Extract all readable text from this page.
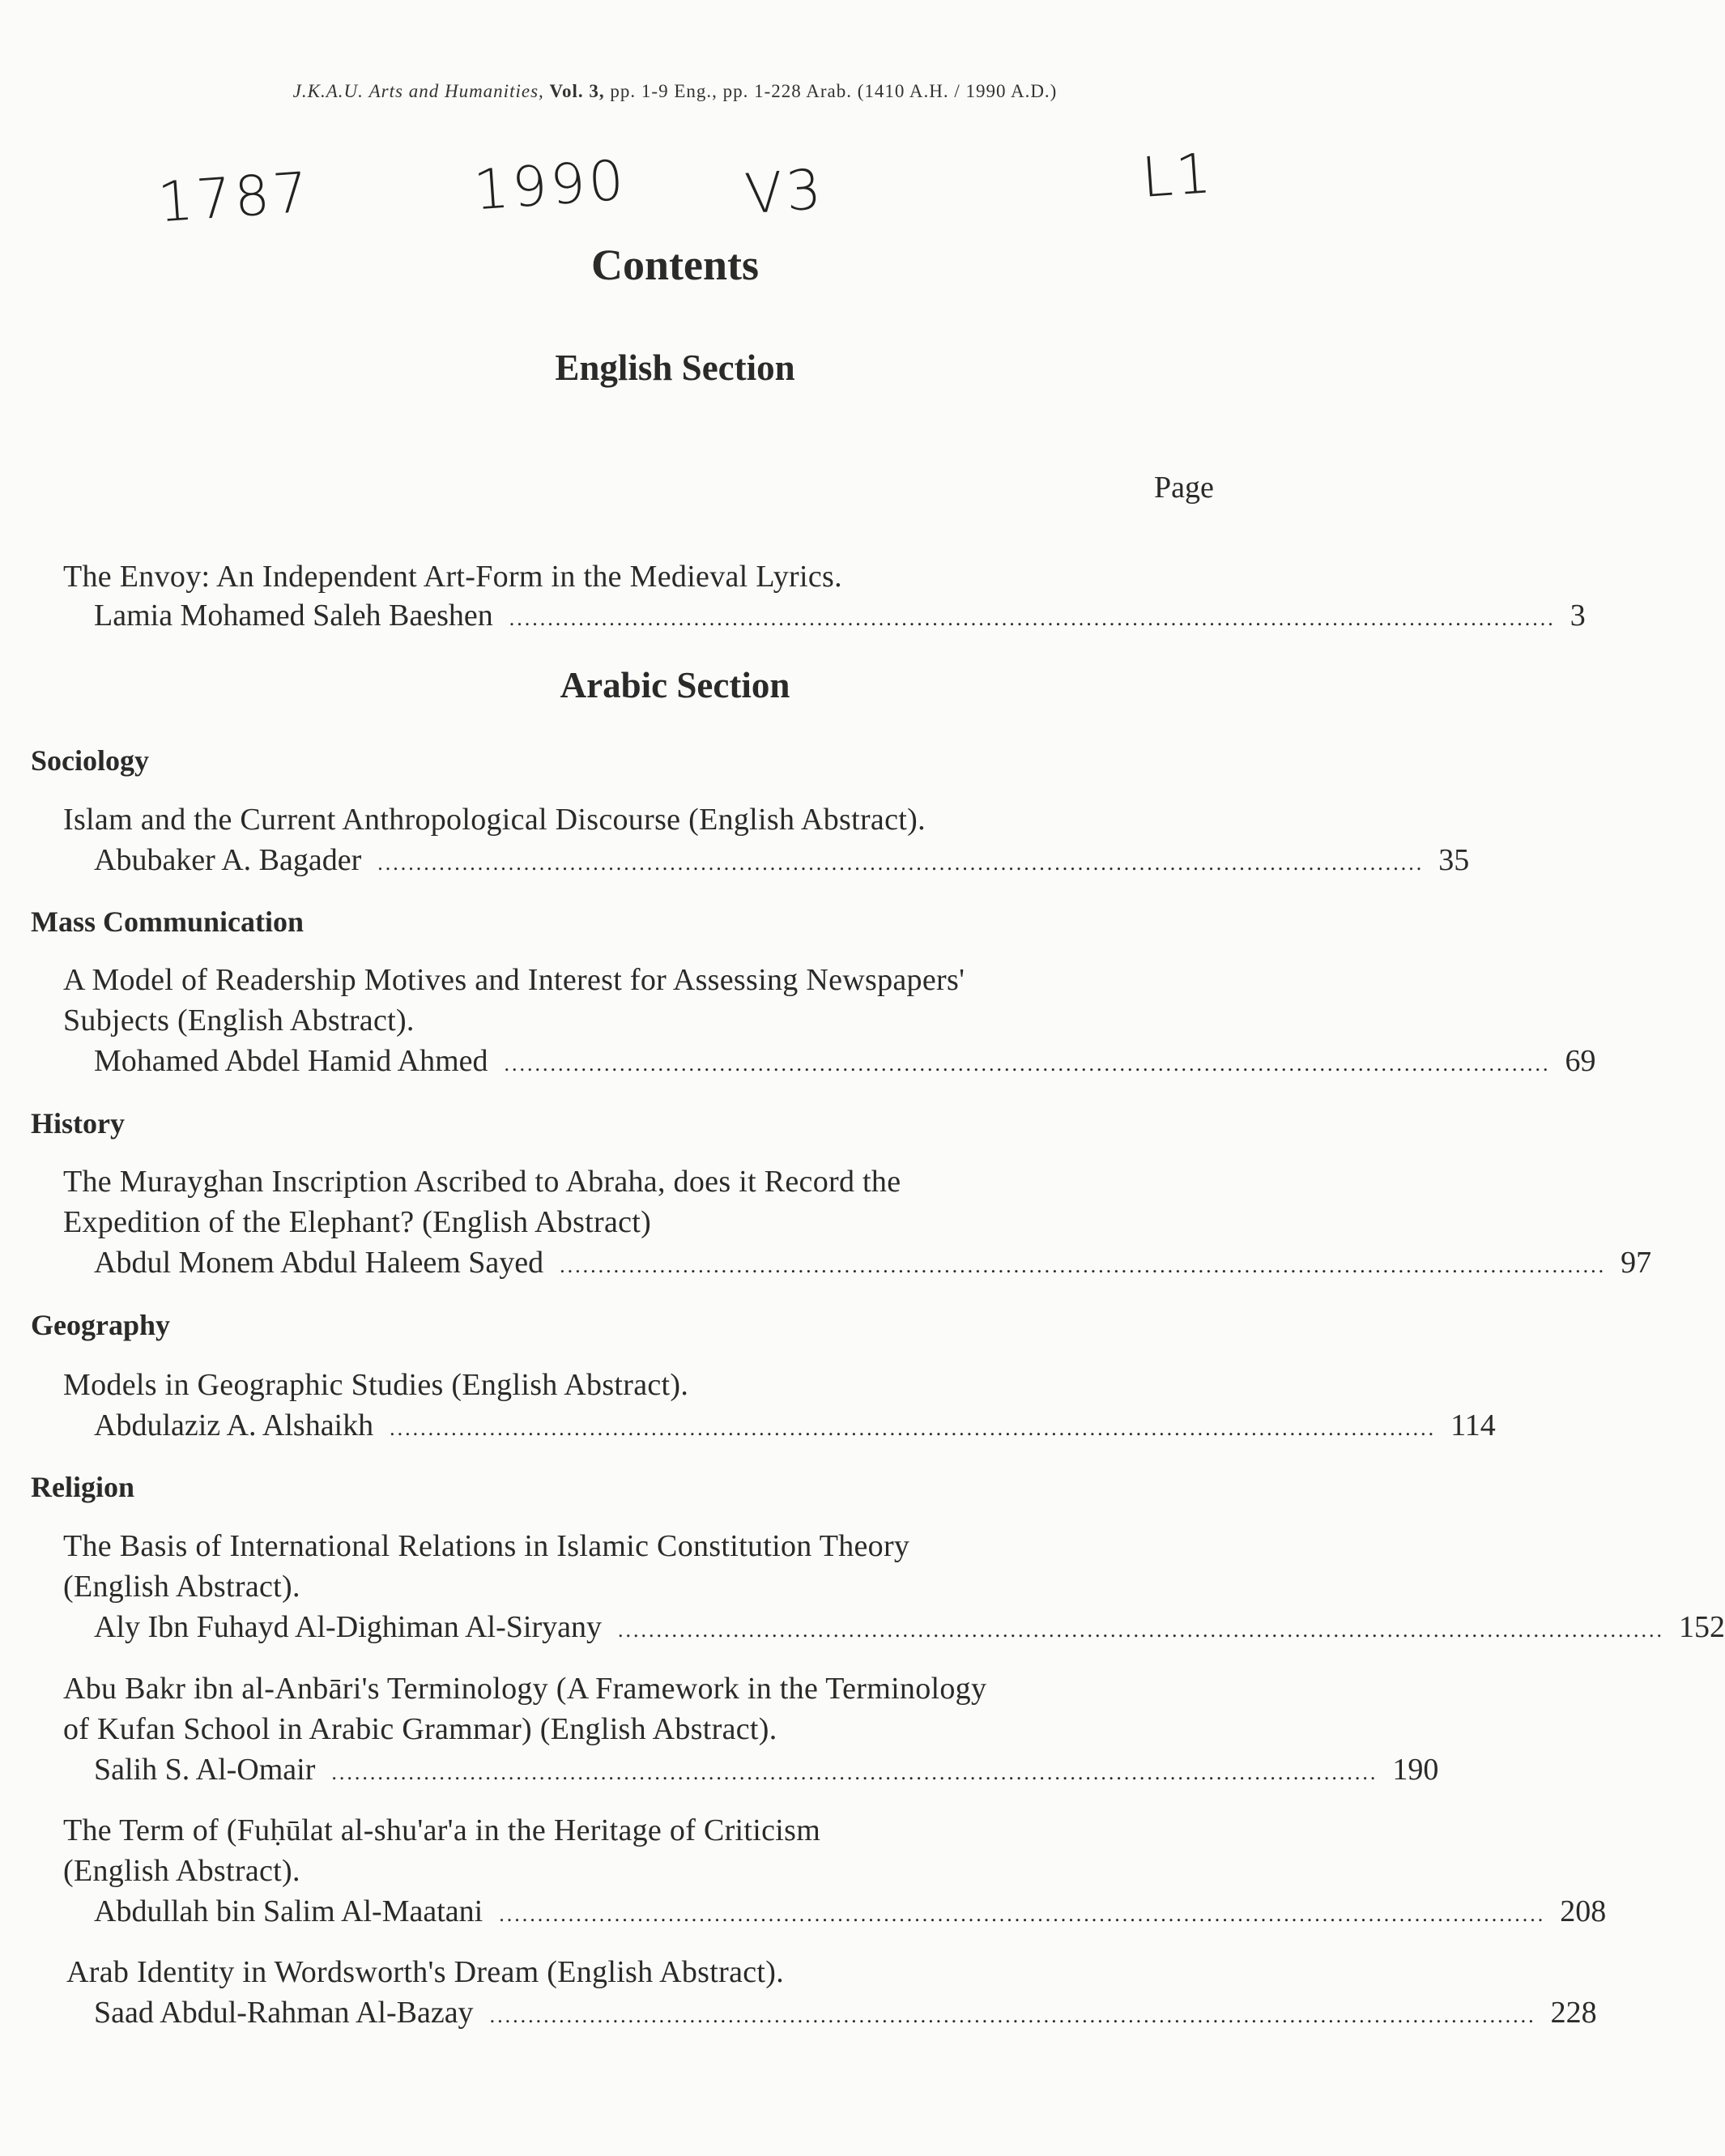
J.K.A.U. Arts and Humanities, Vol. 3, pp. 1-9 Eng., pp. 1-228 Arab. (1410 A.H. / 1990 A.D.)
1787	1990 V3	L1
Contents
English Section
Page
The Envoy: An Independent Art-Form in the Medieval Lyrics.
Lamia Mohamed Saleh Baeshen ........................................................................................................................................ 3
Arabic Section
Sociology
Islam and the Current Anthropological Discourse (English Abstract).
Abubaker A. Bagader ........................................................................................................................................ 35
Mass Communication
A Model of Readership Motives and Interest for Assessing Newspapers'
Subjects (English Abstract).
Mohamed Abdel Hamid Ahmed ........................................................................................................................................ 69
History
The Murayghan Inscription Ascribed to Abraha, does it Record the
Expedition of the Elephant? (English Abstract)
Abdul Monem Abdul Haleem Sayed ........................................................................................................................................ 97
Geography
Models in Geographic Studies (English Abstract).
Abdulaziz A. Alshaikh ........................................................................................................................................ 114
Religion
The Basis of International Relations in Islamic Constitution Theory
(English Abstract).
Aly Ibn Fuhayd Al-Dighiman Al-Siryany ........................................................................................................................................ 152
Abu Bakr ibn al-Anbāri's Terminology (A Framework in the Terminology
of Kufan School in Arabic Grammar) (English Abstract).
Salih S. Al-Omair ........................................................................................................................................ 190
The Term of (Fuḥūlat al-shu'ar'a in the Heritage of Criticism
(English Abstract).
Abdullah bin Salim Al-Maatani ........................................................................................................................................ 208
Arab Identity in Wordsworth's Dream (English Abstract).
Saad Abdul-Rahman Al-Bazay ........................................................................................................................................ 228
